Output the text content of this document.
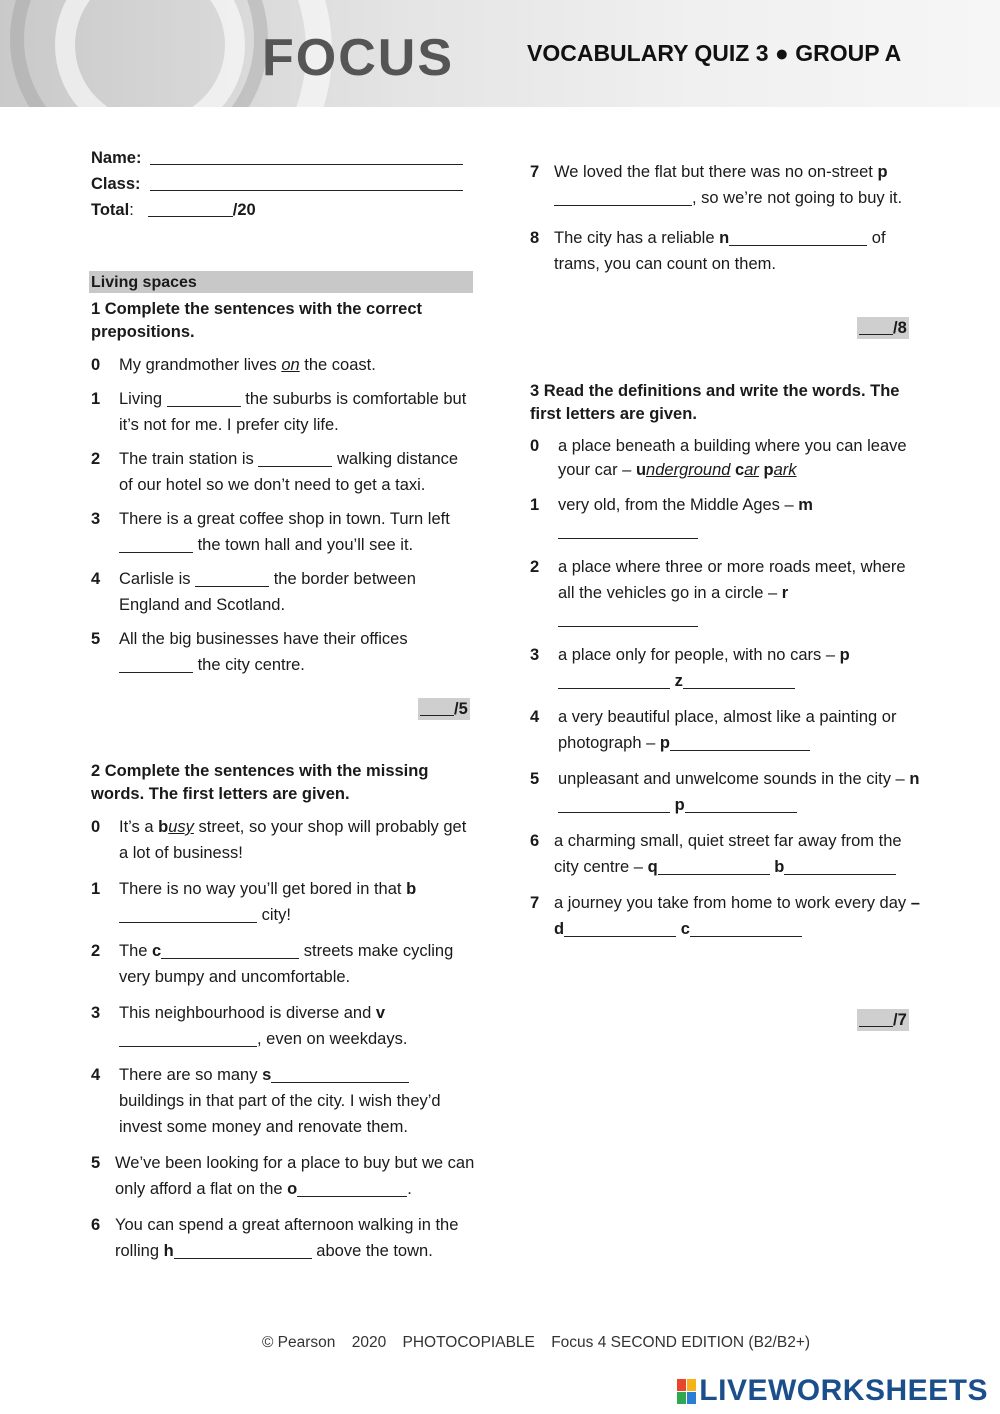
FOCUS	VOCABULARY QUIZ 3 ● GROUP A
Name:
Class:
Total:	/20
Living spaces
1 Complete the sentences with the correct prepositions.
0 My grandmother lives on the coast.
1 Living	the suburbs is comfortable but it’s not for me. I prefer city life.
2 The train station is	walking distance of our hotel so we don’t need to get a taxi.
3 There is a great coffee shop in town. Turn left  the town hall and you’ll see it.
4 Carlisle is	the border between England and Scotland.
5 All the big businesses have their offices  the city centre.
/5
2 Complete the sentences with the missing words. The first letters are given.
0 It’s a busy street, so your shop will probably get a lot of business!
1 There is no way you’ll get bored in that b city!
2 The c	streets make cycling very bumpy and uncomfortable.
3 This neighbourhood is diverse and v, even on weekdays.
4 There are so many s buildings in that part of the city. I wish they’d invest some money and renovate them.
5 We’ve been looking for a place to buy but we can only afford a flat on the o	.
6 You can spend a great afternoon walking in the rolling h	above the town.
7 We loved the flat but there was no on-street p, so we’re not going to buy it.
8 The city has a reliable n	of trams, you can count on them.
/8
3 Read the definitions and write the words. The first letters are given.
0 a place beneath a building where you can leave your car – underground car park
1 very old, from the Middle Ages – m
2 a place where three or more roads meet, where all the vehicles go in a circle – r
3 a place only for people, with no cars – p z
4 a very beautiful place, almost like a painting or photograph – p
5 unpleasant and unwelcome sounds in the city – n p
6 a charming small, quiet street far away from the city centre – q	b
7 a journey you take from home to work every day – d	c
/7
© Pearson 2020 PHOTOCOPIABLE Focus 4 SECOND EDITION (B2/B2+)
LIVEWORKSHEETS
